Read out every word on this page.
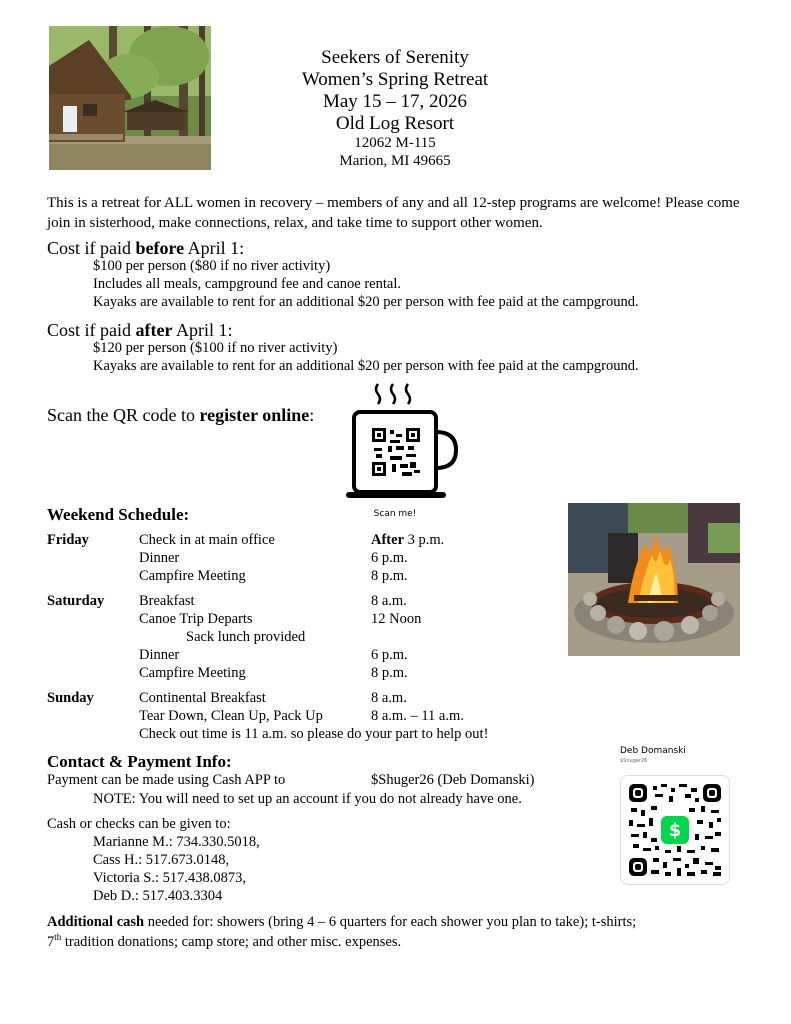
Seekers of Serenity
Women’s Spring Retreat
May 15 – 17, 2026
Old Log Resort
12062 M-115
Marion, MI 49665
This is a retreat for ALL women in recovery – members of any and all 12-step programs are welcome! Please come join in sisterhood, make connections, relax, and take time to support other women.
Cost if paid before April 1:
$100 per person ($80 if no river activity)
Includes all meals, campground fee and canoe rental.
Kayaks are available to rent for an additional $20 per person with fee paid at the campground.
Cost if paid after April 1:
$120 per person ($100 if no river activity)
Kayaks are available to rent for an additional $20 per person with fee paid at the campground.
Scan the QR code to register online:
Scan me!
Weekend Schedule:
Friday	Check in at main office	After 3 p.m.
Dinner	6 p.m.
Campfire Meeting	8 p.m.
Saturday Breakfast	8 a.m.
Canoe Trip Departs	12 Noon
Sack lunch provided
Dinner	6 p.m.
Campfire Meeting	8 p.m.
Sunday	Continental Breakfast	8 a.m.
Tear Down, Clean Up, Pack Up	8 a.m. – 11 a.m.
Check out time is 11 a.m. so please do your part to help out!
Contact & Payment Info:
Payment can be made using Cash APP to	$Shuger26 (Deb Domanski)
NOTE: You will need to set up an account if you do not already have one.
Cash or checks can be given to:
Marianne M.: 734.330.5018,
Cass H.: 517.673.0148,
Victoria S.: 517.438.0873,
Deb D.: 517.403.3304
Deb Domanski
$Shuger26
$
Additional cash needed for: showers (bring 4 – 6 quarters for each shower you plan to take); t-shirts;
7th tradition donations; camp store; and other misc. expenses.
